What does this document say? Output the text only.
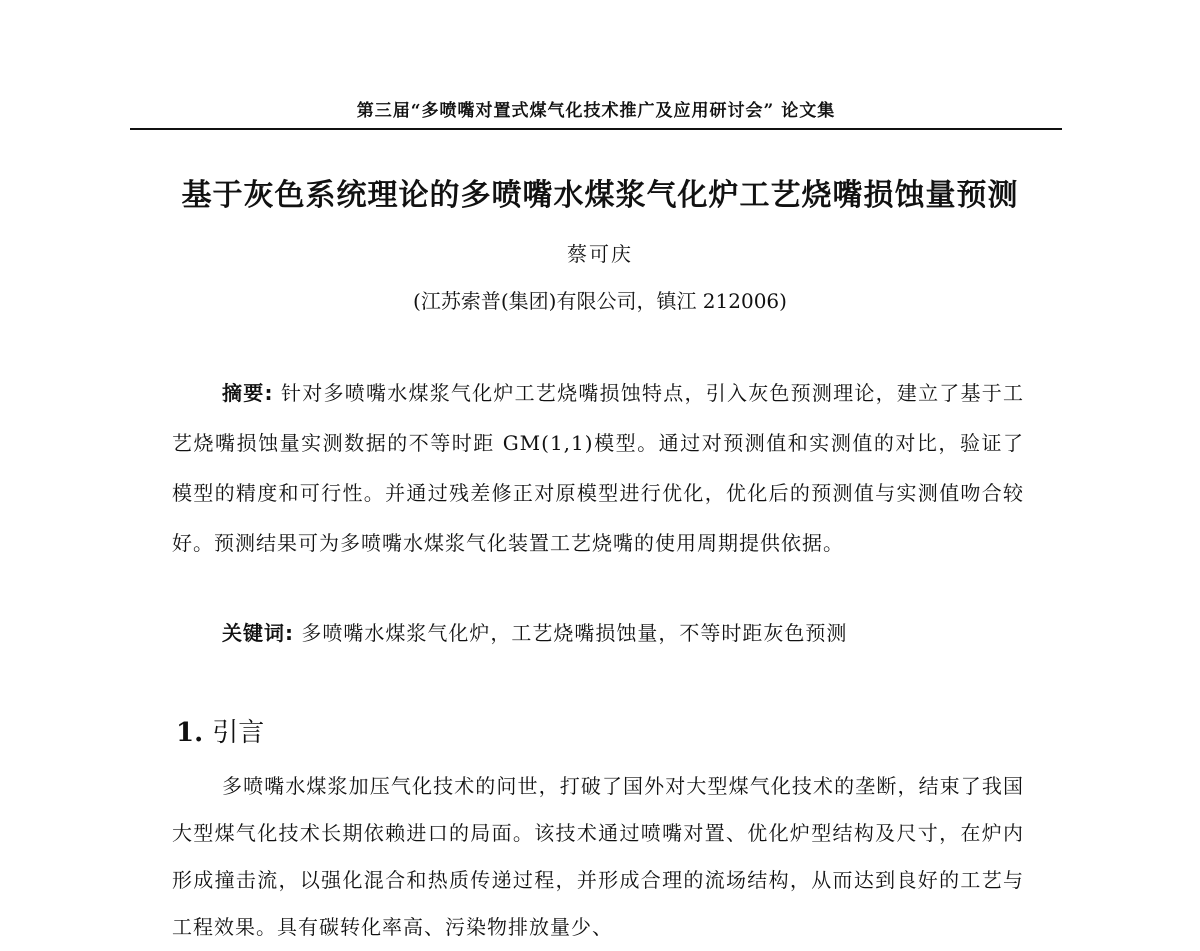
第三届“多喷嘴对置式煤气化技术推广及应用研讨会” 论文集
基于灰色系统理论的多喷嘴水煤浆气化炉工艺烧嘴损蚀量预测
蔡可庆
(江苏索普(集团)有限公司，镇江 212006)

摘要: 针对多喷嘴水煤浆气化炉工艺烧嘴损蚀特点，引入灰色预测理论，建立了基于工艺烧嘴损蚀量实测数据的不等时距 GM(1,1)模型。通过对预测值和实测值的对比，验证了模型的精度和可行性。并通过残差修正对原模型进行优化，优化后的预测值与实测值吻合较好。预测结果可为多喷嘴水煤浆气化装置工艺烧嘴的使用周期提供依据。

关键词: 多喷嘴水煤浆气化炉，工艺烧嘴损蚀量，不等时距灰色预测

1. 引言

多喷嘴水煤浆加压气化技术的问世，打破了国外对大型煤气化技术的垄断，结束了我国大型煤气化技术长期依赖进口的局面。该技术通过喷嘴对置、优化炉型结构及尺寸，在炉内形成撞击流，以强化混合和热质传递过程，并形成合理的流场结构，从而达到良好的工艺与工程效果。具有碳转化率高、污染物排放量少、
